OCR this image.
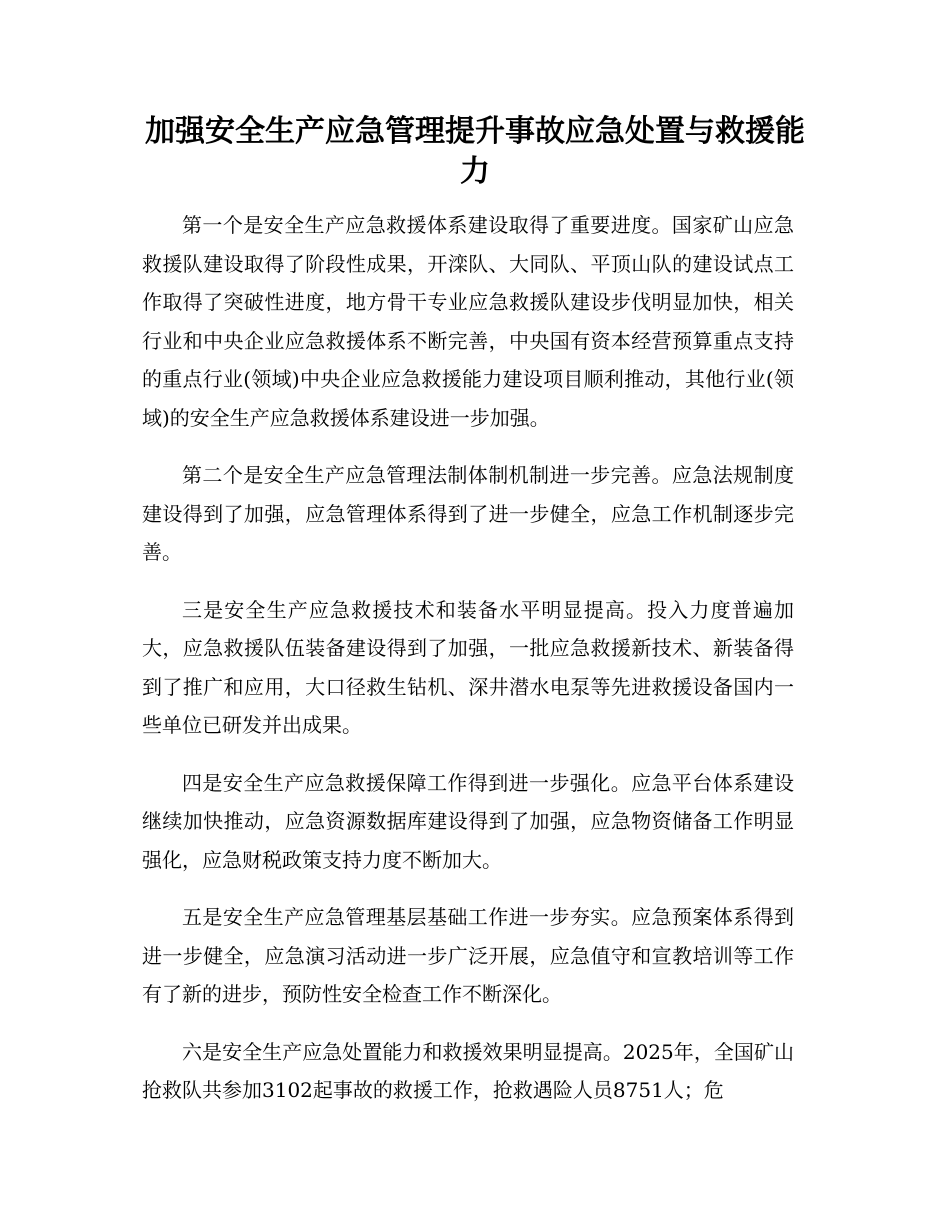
加强安全生产应急管理提升事故应急处置与救援能力

第一个是安全生产应急救援体系建设取得了重要进度。国家矿山应急救援队建设取得了阶段性成果，开滦队、大同队、平顶山队的建设试点工作取得了突破性进度，地方骨干专业应急救援队建设步伐明显加快，相关行业和中央企业应急救援体系不断完善，中央国有资本经营预算重点支持的重点行业(领域)中央企业应急救援能力建设项目顺利推动，其他行业(领域)的安全生产应急救援体系建设进一步加强。

第二个是安全生产应急管理法制体制机制进一步完善。应急法规制度建设得到了加强，应急管理体系得到了进一步健全，应急工作机制逐步完善。

三是安全生产应急救援技术和装备水平明显提高。投入力度普遍加大，应急救援队伍装备建设得到了加强，一批应急救援新技术、新装备得到了推广和应用，大口径救生钻机、深井潜水电泵等先进救援设备国内一些单位已研发并出成果。

四是安全生产应急救援保障工作得到进一步强化。应急平台体系建设继续加快推动，应急资源数据库建设得到了加强，应急物资储备工作明显强化，应急财税政策支持力度不断加大。

五是安全生产应急管理基层基础工作进一步夯实。应急预案体系得到进一步健全，应急演习活动进一步广泛开展，应急值守和宣教培训等工作有了新的进步，预防性安全检查工作不断深化。

六是安全生产应急处置能力和救援效果明显提高。2025年，全国矿山抢救队共参加3102起事故的救援工作，抢救遇险人员8751人；危
